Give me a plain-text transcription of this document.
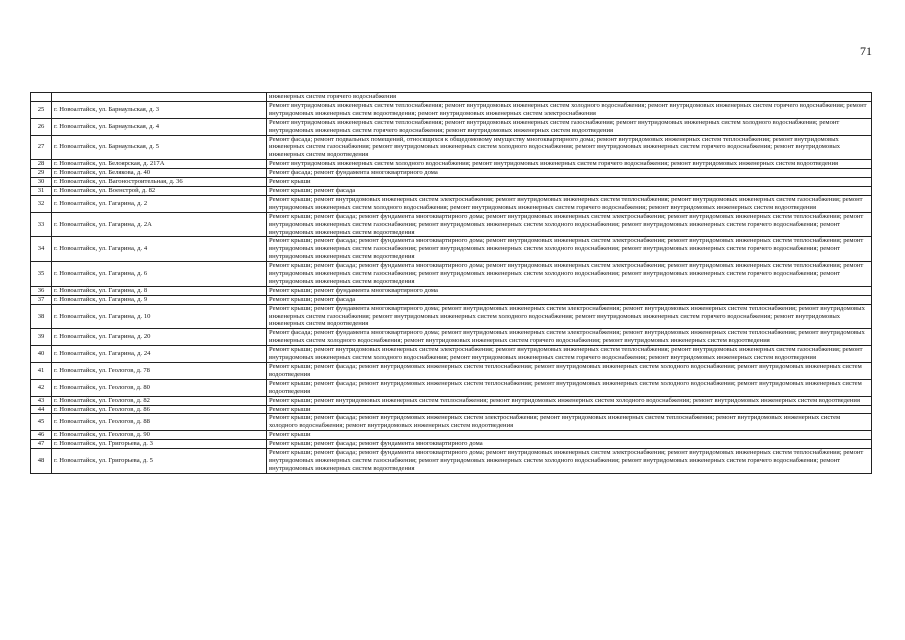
71
		инженерных систем горячего водоснабжения
25	г. Новоалтайск, ул. Барнаульская, д. 3	Ремонт внутридомовых инженерных систем теплоснабжения; ремонт внутридомовых инженерных систем холодного водоснабжения; ремонт внутридомовых инженерных систем горячего водоснабжения; ремонт внутридомовых инженерных систем водоотведения; ремонт внутридомовых инженерных систем электроснабжения
26	г. Новоалтайск, ул. Барнаульская, д. 4	Ремонт внутридомовых инженерных систем теплоснабжения; ремонт внутридомовых инженерных систем газоснабжения; ремонт внутридомовых инженерных систем холодного водоснабжения; ремонт внутридомовых инженерных систем горячего водоснабжения; ремонт внутридомовых инженерных систем водоотведения
27	г. Новоалтайск, ул. Барнаульская, д. 5	Ремонт фасада; ремонт подвальных помещений, относящихся к общедомовому имуществу многоквартирного дома; ремонт внутридомовых инженерных систем теплоснабжения; ремонт внутридомовых инженерных систем газоснабжения; ремонт внутридомовых инженерных систем холодного водоснабжения; ремонт внутридомовых инженерных систем горячего водоснабжения; ремонт внутридомовых инженерных систем водоотведения
28	г. Новоалтайск, ул. Белоярская, д. 217А	Ремонт внутридомовых инженерных систем холодного водоснабжения; ремонт внутридомовых инженерных систем горячего водоснабжения; ремонт внутридомовых инженерных систем водоотведения
29	г. Новоалтайск, ул. Белякова, д. 40	Ремонт фасада; ремонт фундамента многоквартирного дома
30	г. Новоалтайск, ул. Вагоностроительная, д. 36	Ремонт крыши
31	г. Новоалтайск, ул. Военстрой, д. 82	Ремонт крыши; ремонт фасада
32	г. Новоалтайск, ул. Гагарина, д. 2	Ремонт крыши; ремонт внутридомовых инженерных систем электроснабжения; ремонт внутридомовых инженерных систем теплоснабжения; ремонт внутридомовых инженерных систем газоснабжения; ремонт внутридомовых инженерных систем холодного водоснабжения; ремонт внутридомовых инженерных систем горячего водоснабжения; ремонт внутридомовых инженерных систем водоотведения
33	г. Новоалтайск, ул. Гагарина, д. 2А	Ремонт крыши; ремонт фасада; ремонт фундамента многоквартирного дома; ремонт внутридомовых инженерных систем электроснабжения; ремонт внутридомовых инженерных систем теплоснабжения; ремонт внутридомовых инженерных систем газоснабжения; ремонт внутридомовых инженерных систем холодного водоснабжения; ремонт внутридомовых инженерных систем горячего водоснабжения; ремонт внутридомовых инженерных систем водоотведения
34	г. Новоалтайск, ул. Гагарина, д. 4	Ремонт крыши; ремонт фасада; ремонт фундамента многоквартирного дома; ремонт внутридомовых инженерных систем электроснабжения; ремонт внутридомовых инженерных систем теплоснабжения; ремонт внутридомовых инженерных систем газоснабжения; ремонт внутридомовых инженерных систем холодного водоснабжения; ремонт внутридомовых инженерных систем горячего водоснабжения; ремонт внутридомовых инженерных систем водоотведения
35	г. Новоалтайск, ул. Гагарина, д. 6	Ремонт крыши; ремонт фасада; ремонт фундамента многоквартирного дома; ремонт внутридомовых инженерных систем электроснабжения; ремонт внутридомовых инженерных систем теплоснабжения; ремонт внутридомовых инженерных систем газоснабжения; ремонт внутридомовых инженерных систем холодного водоснабжения; ремонт внутридомовых инженерных систем горячего водоснабжения; ремонт внутридомовых инженерных систем водоотведения
36	г. Новоалтайск, ул. Гагарина, д. 8	Ремонт крыши; ремонт фундамента многоквартирного дома
37	г. Новоалтайск, ул. Гагарина, д. 9	Ремонт крыши; ремонт фасада
38	г. Новоалтайск, ул. Гагарина, д. 10	Ремонт крыши; ремонт фундамента многоквартирного дома; ремонт внутридомовых инженерных систем электроснабжения; ремонт внутридомовых инженерных систем теплоснабжения; ремонт внутридомовых инженерных систем газоснабжения; ремонт внутридомовых инженерных систем холодного водоснабжения; ремонт внутридомовых инженерных систем горячего водоснабжения; ремонт внутридомовых инженерных систем водоотведения
39	г. Новоалтайск, ул. Гагарина, д. 20	Ремонт фасада; ремонт фундамента многоквартирного дома; ремонт внутридомовых инженерных систем электроснабжения; ремонт внутридомовых инженерных систем теплоснабжения; ремонт внутридомовых инженерных систем холодного водоснабжения; ремонт внутридомовых инженерных систем горячего водоснабжения; ремонт внутридомовых инженерных систем водоотведения
40	г. Новоалтайск, ул. Гагарина, д. 24	Ремонт крыши; ремонт внутридомовых инженерных систем электроснабжения; ремонт внутридомовых инженерных систем теплоснабжения; ремонт внутридомовых инженерных систем газоснабжения; ремонт внутридомовых инженерных систем холодного водоснабжения; ремонт внутридомовых инженерных систем горячего водоснабжения; ремонт внутридомовых инженерных систем водоотведения
41	г. Новоалтайск, ул. Геологов, д. 78	Ремонт крыши; ремонт фасада; ремонт внутридомовых инженерных систем теплоснабжения; ремонт внутридомовых инженерных систем холодного водоснабжения; ремонт внутридомовых инженерных систем водоотведения
42	г. Новоалтайск, ул. Геологов, д. 80	Ремонт крыши; ремонт фасада; ремонт внутридомовых инженерных систем теплоснабжения; ремонт внутридомовых инженерных систем холодного водоснабжения; ремонт внутридомовых инженерных систем водоотведения
43	г. Новоалтайск, ул. Геологов, д. 82	Ремонт крыши; ремонт внутридомовых инженерных систем теплоснабжения; ремонт внутридомовых инженерных систем холодного водоснабжения; ремонт внутридомовых инженерных систем водоотведения
44	г. Новоалтайск, ул. Геологов, д. 86	Ремонт крыши
45	г. Новоалтайск, ул. Геологов, д. 88	Ремонт крыши; ремонт фасада; ремонт внутридомовых инженерных систем электроснабжения; ремонт внутридомовых инженерных систем теплоснабжения; ремонт внутридомовых инженерных систем холодного водоснабжения; ремонт внутридомовых инженерных систем водоотведения
46	г. Новоалтайск, ул. Геологов, д. 90	Ремонт крыши
47	г. Новоалтайск, ул. Григорьева, д. 3	Ремонт крыши; ремонт фасада; ремонт фундамента многоквартирного дома
48	г. Новоалтайск, ул. Григорьева, д. 5	Ремонт крыши; ремонт фасада; ремонт фундамента многоквартирного дома; ремонт внутридомовых инженерных систем электроснабжения; ремонт внутридомовых инженерных систем теплоснабжения; ремонт внутридомовых инженерных систем газоснабжения; ремонт внутридомовых инженерных систем холодного водоснабжения; ремонт внутридомовых инженерных систем горячего водоснабжения; ремонт внутридомовых инженерных систем водоотведения
